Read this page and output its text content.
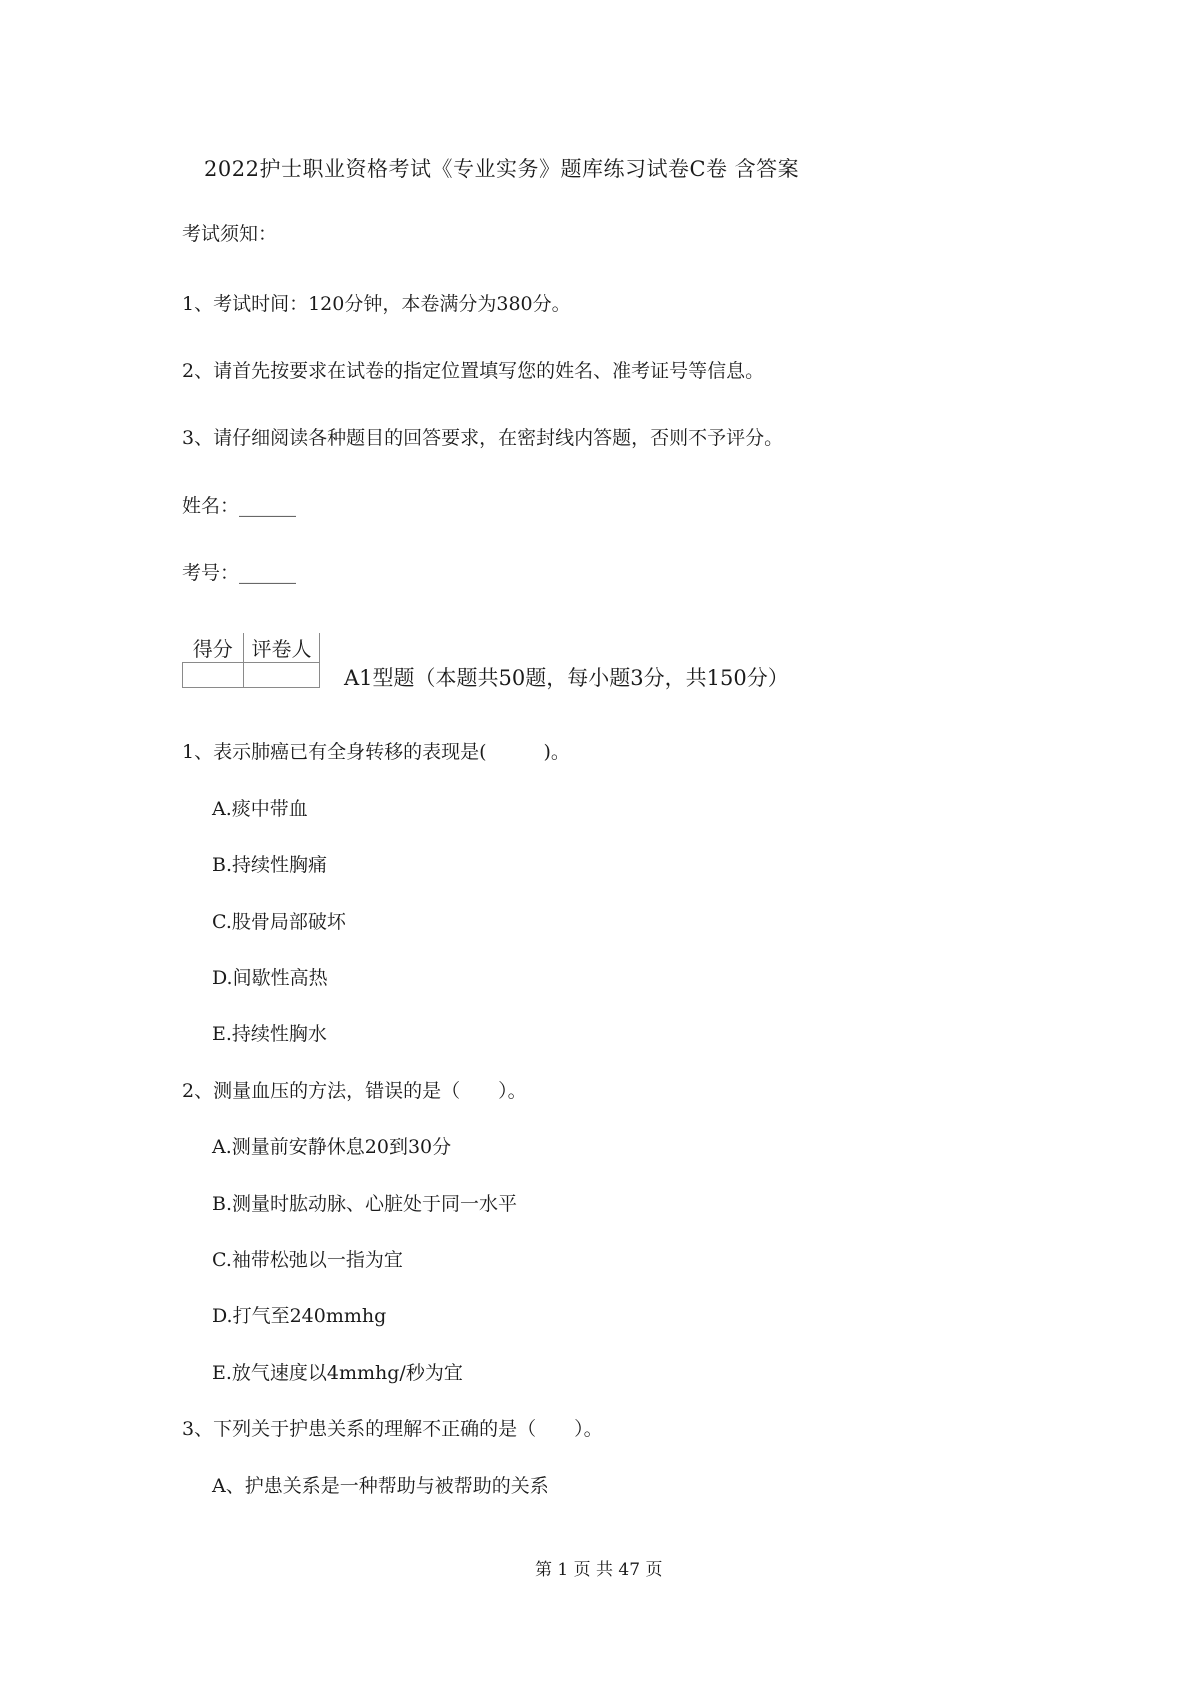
2022护士职业资格考试《专业实务》题库练习试卷C卷 含答案
考试须知：
1、考试时间：120分钟，本卷满分为380分。
2、请首先按要求在试卷的指定位置填写您的姓名、准考证号等信息。
3、请仔细阅读各种题目的回答要求，在密封线内答题，否则不予评分。
姓名：______
考号：______
得分	评卷人

A1型题（本题共50题，每小题3分，共150分）
1、表示肺癌已有全身转移的表现是(　　　)。
A.痰中带血
B.持续性胸痛
C.股骨局部破坏
D.间歇性高热
E.持续性胸水
2、测量血压的方法，错误的是（　　）。
A.测量前安静休息20到30分
B.测量时肱动脉、心脏处于同一水平
C.袖带松弛以一指为宜
D.打气至240mmhg
E.放气速度以4mmhg/秒为宜
3、下列关于护患关系的理解不正确的是（　　）。
A、护患关系是一种帮助与被帮助的关系
第 1 页 共 47 页
